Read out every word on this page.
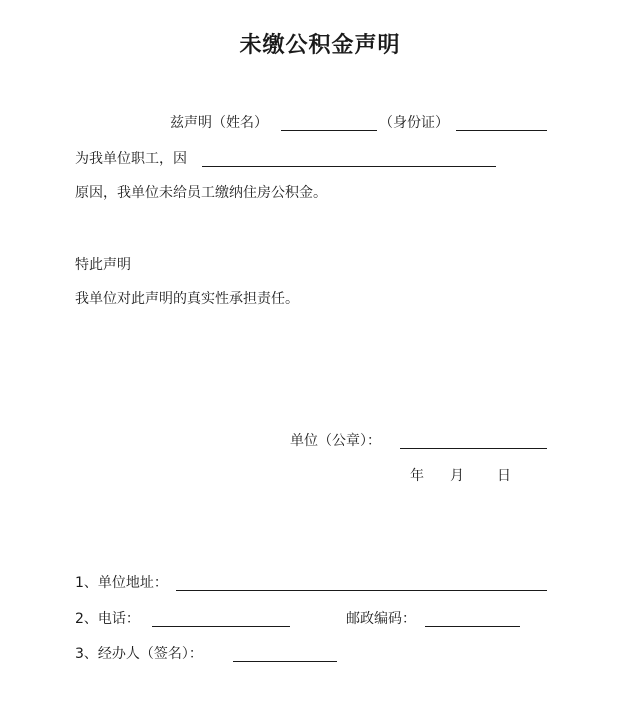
未缴公积金声明
兹声明（姓名）	（身份证）
为我单位职工，因
原因，我单位未给员工缴纳住房公积金。
特此声明
我单位对此声明的真实性承担责任。
单位（公章）：
年 月 日
1、单位地址：
2、电话：	邮政编码：
3、经办人（签名）：
